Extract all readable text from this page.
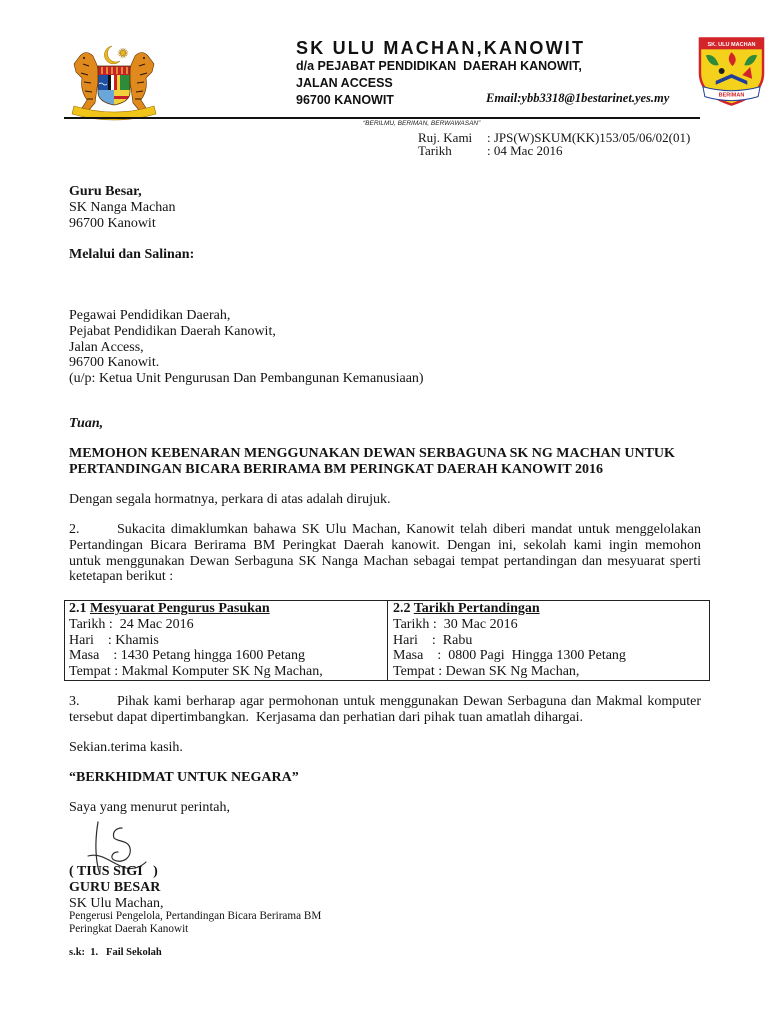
SK ULU MACHAN,KANOWIT
d/a PEJABAT PENDIDIKAN  DAERAH KANOWIT,
JALAN ACCESS
96700 KANOWIT	Email:ybb3318@1bestarinet.yes.my
SK. ULU MACHAN
BERIMAN
“BERILMU, BERIMAN, BERWAWASAN”
Ruj. Kami : JPS(W)SKUM(KK)153/05/06/02(01)
Tarikh	: 04 Mac 2016
Guru Besar,
SK Nanga Machan
96700 Kanowit
Melalui dan Salinan:
Pegawai Pendidikan Daerah,
Pejabat Pendidikan Daerah Kanowit,
Jalan Access,
96700 Kanowit.
(u/p: Ketua Unit Pengurusan Dan Pembangunan Kemanusiaan)
Tuan,
MEMOHON KEBENARAN MENGGUNAKAN DEWAN SERBAGUNA SK NG MACHAN UNTUK
PERTANDINGAN BICARA BERIRAMA BM PERINGKAT DAERAH KANOWIT 2016
Dengan segala hormatnya, perkara di atas adalah dirujuk.
2.	Sukacita dimaklumkan bahawa SK Ulu Machan, Kanowit telah diberi mandat untuk menggelolakan
Pertandingan Bicara Berirama BM Peringkat Daerah kanowit. Dengan ini, sekolah kami ingin memohon
untuk menggunakan Dewan Serbaguna SK Nanga Machan sebagai tempat pertandingan dan mesyuarat sperti
ketetapan berikut :
2.1 Mesyuarat Pengurus Pasukan
Tarikh :  24 Mac 2016
Hari    : Khamis
Masa    : 1430 Petang hingga 1600 Petang
Tempat : Makmal Komputer SK Ng Machan,
2.2 Tarikh Pertandingan
Tarikh :  30 Mac 2016
Hari    :  Rabu
Masa    :  0800 Pagi  Hingga 1300 Petang
Tempat : Dewan SK Ng Machan,
3.	Pihak kami berharap agar permohonan untuk menggunakan Dewan Serbaguna dan Makmal komputer
tersebut dapat dipertimbangkan.  Kerjasama dan perhatian dari pihak tuan amatlah dihargai.
Sekian.terima kasih.
“BERKHIDMAT UNTUK NEGARA”
Saya yang menurut perintah,
( TIUS SIGI   )
GURU BESAR
SK Ulu Machan,
Pengerusi Pengelola, Pertandingan Bicara Berirama BM
Peringkat Daerah Kanowit
s.k:  1.   Fail Sekolah
